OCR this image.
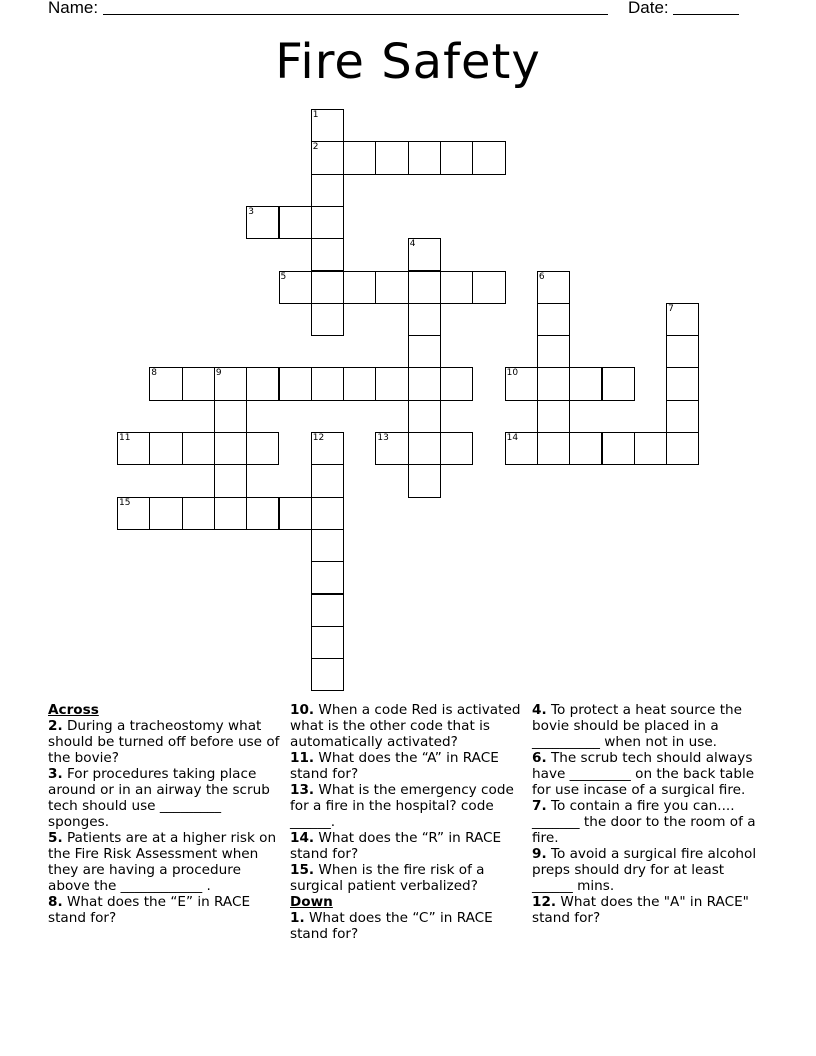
Name:	Date:
Fire Safety
1
2
3
4
5	6
7
8	9	10
11	12	13	14
15
Across
2. During a tracheostomy what should be turned off before use of the bovie?
3. For procedures taking place around or in an airway the scrub tech should use _________ sponges.
5. Patients are at a higher risk on the Fire Risk Assessment when they are having a procedure above the ____________ .
8. What does the “E” in RACE stand for?
10. When a code Red is activated what is the other code that is automatically activated?
11. What does the “A” in RACE stand for?
13. What is the emergency code for a fire in the hospital? code ______.
14. What does the “R” in RACE stand for?
15. When is the fire risk of a surgical patient verbalized?
Down
1. What does the “C” in RACE stand for?
4. To protect a heat source the bovie should be placed in a __________ when not in use.
6. The scrub tech should always have _________ on the back table for use incase of a surgical fire.
7. To contain a fire you can.... _______ the door to the room of a fire.
9. To avoid a surgical fire alcohol preps should dry for at least ______ mins.
12. What does the "A" in RACE" stand for?
